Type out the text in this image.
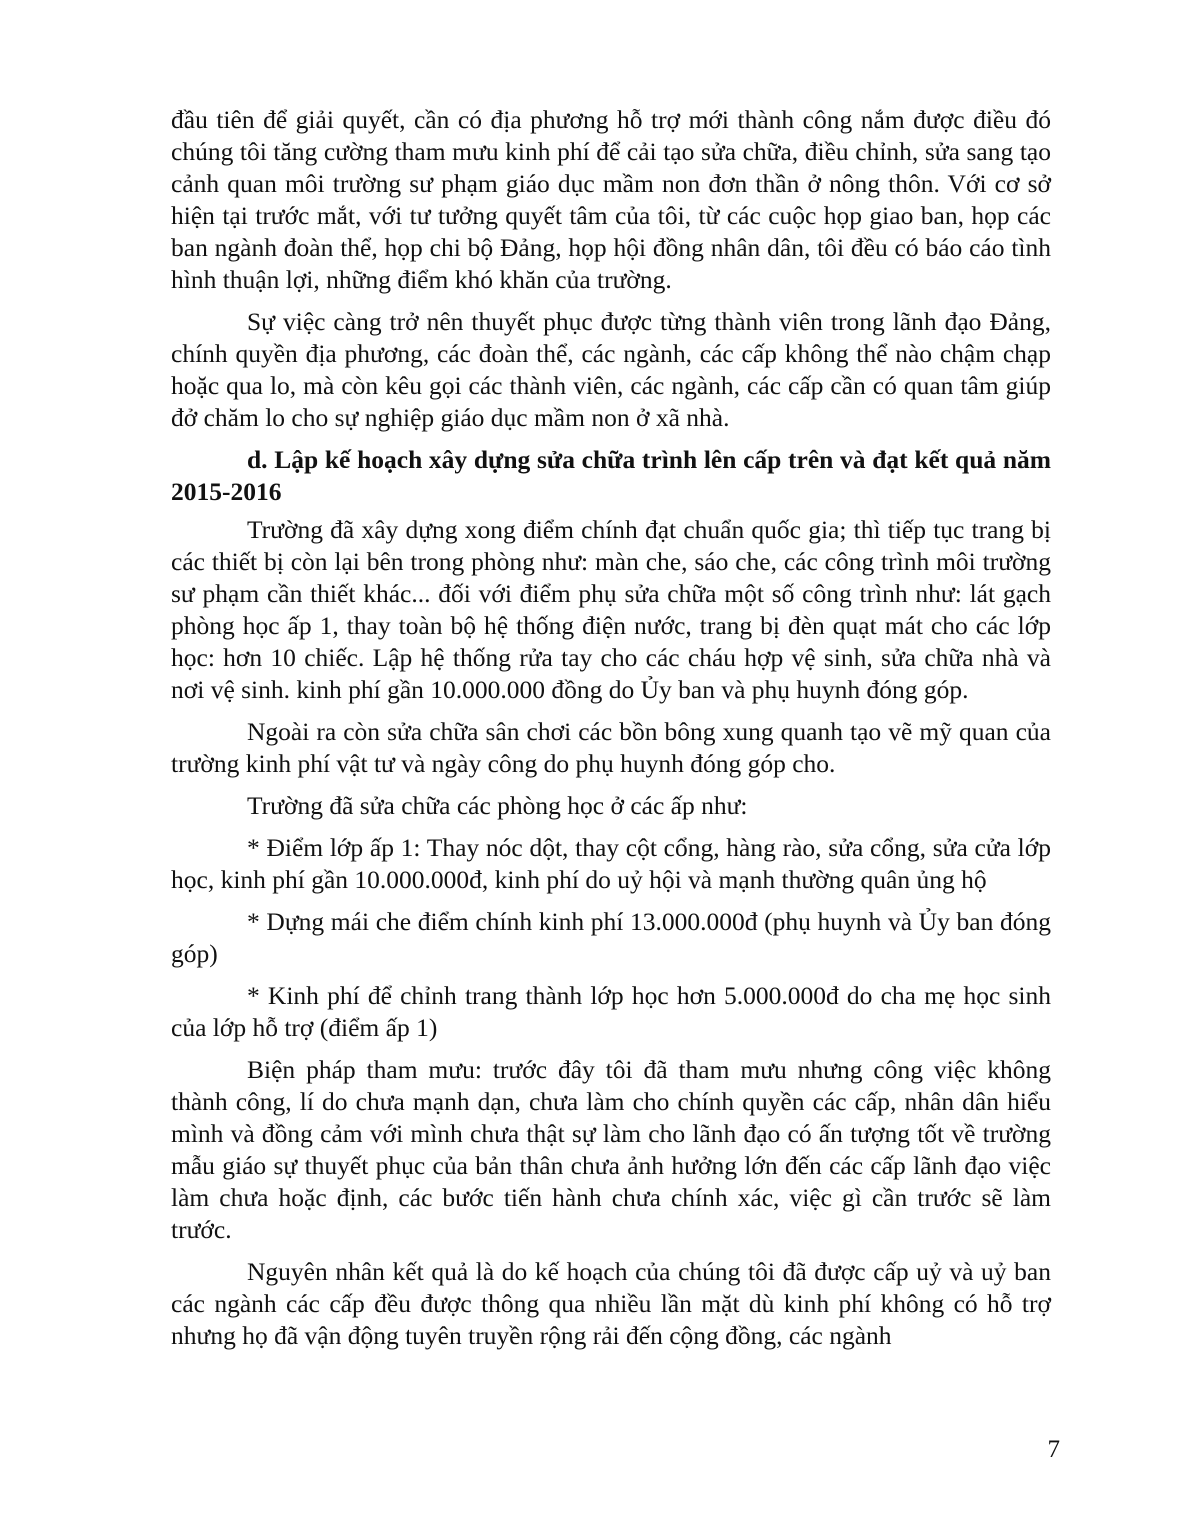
đầu tiên để giải quyết, cần có địa phương hỗ trợ mới thành công nắm được điều đó chúng tôi tăng cường tham mưu kinh phí để cải tạo sửa chữa, điều chỉnh, sửa sang tạo cảnh quan môi trường sư phạm giáo dục mầm non đơn thần ở nông thôn. Với cơ sở hiện tại trước mắt, với tư tưởng quyết tâm của tôi, từ các cuộc họp giao ban, họp các ban ngành đoàn thể, họp chi bộ Đảng, họp hội đồng nhân dân, tôi đều có báo cáo tình hình thuận lợi, những điểm khó khăn của trường.

Sự việc càng trở nên thuyết phục được từng thành viên trong lãnh đạo Đảng, chính quyền địa phương, các đoàn thể, các ngành, các cấp không thể nào chậm chạp hoặc qua lo, mà còn kêu gọi các thành viên, các ngành, các cấp cần có quan tâm giúp đở chăm lo cho sự nghiệp giáo dục mầm non ở xã nhà.

d. Lập kế hoạch xây dựng sửa chữa trình lên cấp trên và đạt kết quả năm 2015-2016

Trường đã xây dựng xong điểm chính đạt chuẩn quốc gia; thì tiếp tục trang bị các thiết bị còn lại bên trong phòng như: màn che, sáo che, các công trình môi trường sư phạm cần thiết khác... đối với điểm phụ sửa chữa một số công trình như: lát gạch phòng học ấp 1, thay toàn bộ hệ thống điện nước, trang bị đèn quạt mát cho các lớp học: hơn 10 chiếc. Lập hệ thống rửa tay cho các cháu hợp vệ sinh, sửa chữa nhà và nơi vệ sinh. kinh phí gần 10.000.000 đồng do Ủy ban và phụ huynh đóng góp.

Ngoài ra còn sửa chữa sân chơi các bồn bông xung quanh tạo vẽ mỹ quan của trường kinh phí vật tư và ngày công do phụ huynh đóng góp cho.

Trường đã sửa chữa các phòng học ở các ấp như:

* Điểm lớp ấp 1: Thay nóc dột, thay cột cổng, hàng rào, sửa cổng, sửa cửa lớp học, kinh phí gần 10.000.000đ, kinh phí do uỷ hội và mạnh thường quân ủng hộ

* Dựng mái che điểm chính kinh phí 13.000.000đ (phụ huynh và Ủy ban đóng góp)

* Kinh phí để chỉnh trang thành lớp học hơn 5.000.000đ do cha mẹ học sinh của lớp hỗ trợ (điểm ấp 1)

Biện pháp tham mưu: trước đây tôi đã tham mưu nhưng công việc không thành công, lí do chưa mạnh dạn, chưa làm cho chính quyền các cấp, nhân dân hiểu mình và đồng cảm với mình chưa thật sự làm cho lãnh đạo có ấn tượng tốt về trường mẫu giáo sự thuyết phục của bản thân chưa ảnh hưởng lớn đến các cấp lãnh đạo việc làm chưa hoặc định, các bước tiến hành chưa chính xác, việc gì cần trước sẽ làm trước.

Nguyên nhân kết quả là do kế hoạch của chúng tôi đã được cấp uỷ và uỷ ban các ngành các cấp đều được thông qua nhiều lần mặt dù kinh phí không có hỗ trợ nhưng họ đã vận động tuyên truyền rộng rải đến cộng đồng, các ngành

7
